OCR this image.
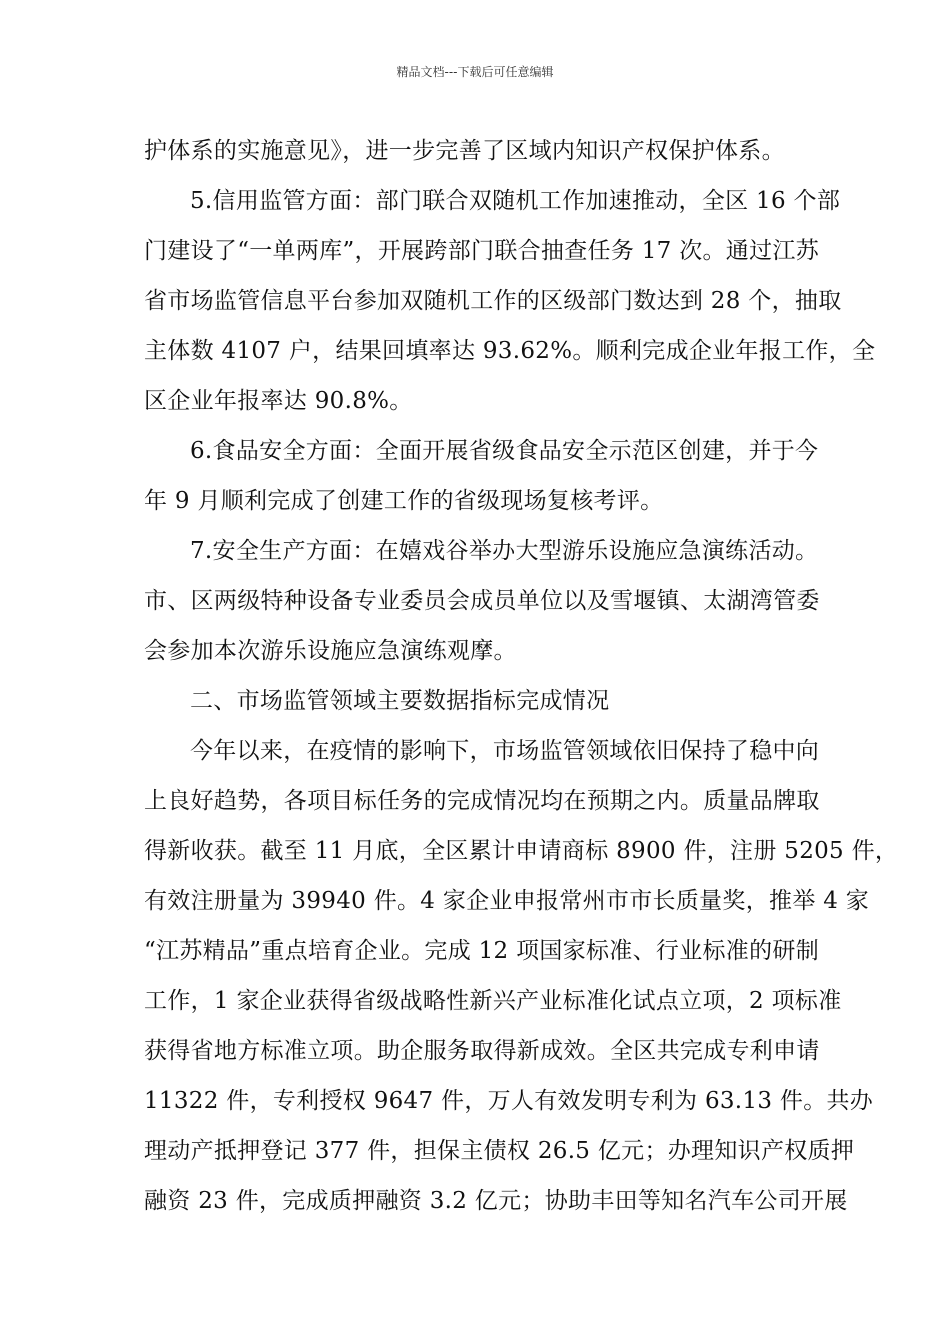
精品文档---下载后可任意编辑
护体系的实施意见》，进一步完善了区域内知识产权保护体系。
5.信用监管方面：部门联合双随机工作加速推动，全区 16 个部
门建设了“一单两库”，开展跨部门联合抽查任务 17 次。通过江苏
省市场监管信息平台参加双随机工作的区级部门数达到 28 个，抽取
主体数 4107 户，结果回填率达 93.62%。顺利完成企业年报工作，全
区企业年报率达 90.8%。
6.食品安全方面：全面开展省级食品安全示范区创建，并于今
年 9 月顺利完成了创建工作的省级现场复核考评。
7.安全生产方面：在嬉戏谷举办大型游乐设施应急演练活动。
市、区两级特种设备专业委员会成员单位以及雪堰镇、太湖湾管委
会参加本次游乐设施应急演练观摩。
二、市场监管领域主要数据指标完成情况
今年以来，在疫情的影响下，市场监管领域依旧保持了稳中向
上良好趋势，各项目标任务的完成情况均在预期之内。质量品牌取
得新收获。截至 11 月底，全区累计申请商标 8900 件，注册 5205 件，
有效注册量为 39940 件。4 家企业申报常州市市长质量奖，推举 4 家
“江苏精品”重点培育企业。完成 12 项国家标准、行业标准的研制
工作，1 家企业获得省级战略性新兴产业标准化试点立项，2 项标准
获得省地方标准立项。助企服务取得新成效。全区共完成专利申请
11322 件，专利授权 9647 件，万人有效发明专利为 63.13 件。共办
理动产抵押登记 377 件，担保主债权 26.5 亿元；办理知识产权质押
融资 23 件，完成质押融资 3.2 亿元；协助丰田等知名汽车公司开展
